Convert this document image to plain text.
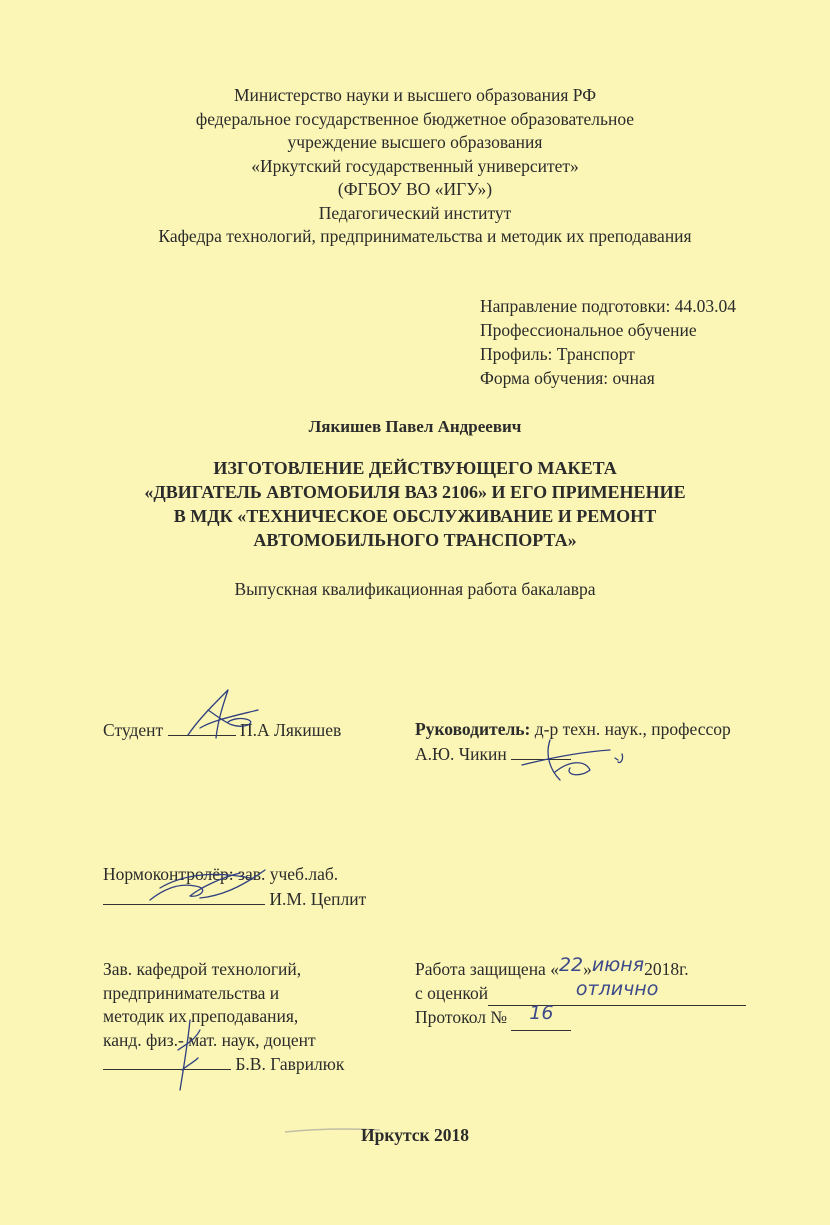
Министерство науки и высшего образования РФ
федеральное государственное бюджетное образовательное
учреждение высшего образования
«Иркутский государственный университет»
(ФГБОУ ВО «ИГУ»)
Педагогический институт
Кафедра технологий, предпринимательства и методик их преподавания
Направление подготовки: 44.03.04
Профессиональное обучение
Профиль: Транспорт
Форма обучения: очная
Лякишев Павел Андреевич
ИЗГОТОВЛЕНИЕ ДЕЙСТВУЮЩЕГО МАКЕТА
«ДВИГАТЕЛЬ АВТОМОБИЛЯ ВАЗ 2106» И ЕГО ПРИМЕНЕНИЕ
В МДК «ТЕХНИЧЕСКОЕ ОБСЛУЖИВАНИЕ И РЕМОНТ
АВТОМОБИЛЬНОГО ТРАНСПОРТА»
Выпускная квалификационная работа бакалавра
Студент	П.А Лякишев	Руководитель: д-р техн. наук., профессор
А.Ю. Чикин
Нормоконтролёр: зав. учеб.лаб.
И.М. Цеплит
Зав. кафедрой технологий,
предпринимательства и
методик их преподавания,
канд. физ.- мат. наук, доцент
Б.В. Гаврилюк
Работа защищена «22»июня2018г.
с оценкой	отлично
Протокол № 16
Иркутск 2018
